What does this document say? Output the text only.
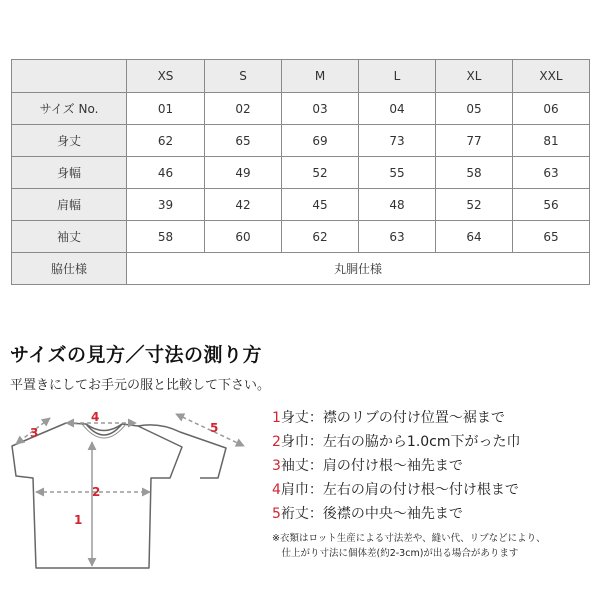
	XS	S	M	L	XL	XXL
サイズ No.	01	02	03	04	05	06
身丈	62	65	69	73	77	81
身幅	46	49	52	55	58	63
肩幅	39	42	45	48	52	56
袖丈	58	60	62	63	64	65
脇仕様	丸胴仕様					
サイズの見方／寸法の測り方
平置きにしてお手元の服と比較して下さい。
3
4
5
2
1
1身丈：襟のリブの付け位置〜裾まで
2身巾：左右の脇から1.0cm下がった巾
3袖丈：肩の付け根〜袖先まで
4肩巾：左右の肩の付け根〜付け根まで
5裄丈：後襟の中央〜袖先まで
※衣類はロット生産による寸法差や、縫い代、リブなどにより、
　仕上がり寸法に個体差(約2-3cm)が出る場合があります
